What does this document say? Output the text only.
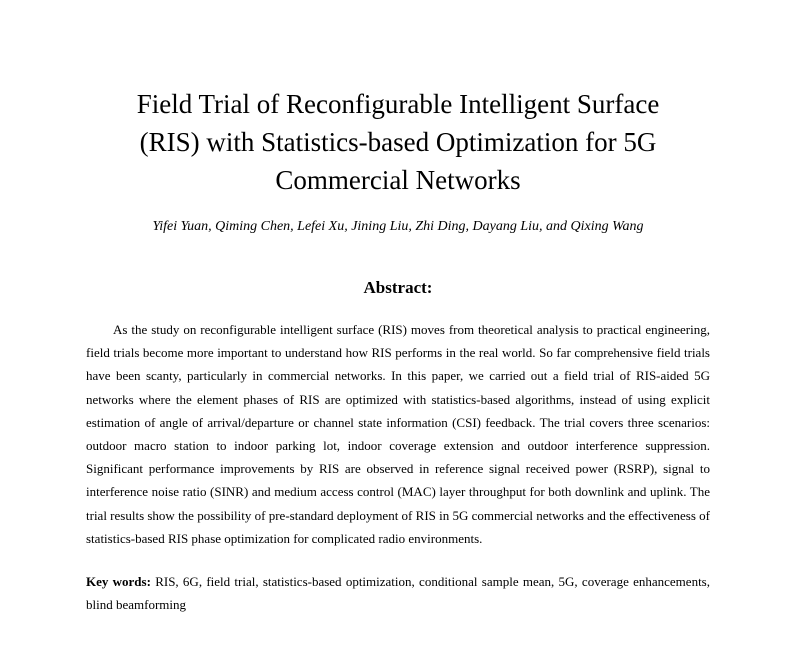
Field Trial of Reconfigurable Intelligent Surface
(RIS) with Statistics-based Optimization for 5G
Commercial Networks
Yifei Yuan, Qiming Chen, Lefei Xu, Jining Liu, Zhi Ding, Dayang Liu, and Qixing Wang
Abstract:

As the study on reconfigurable intelligent surface (RIS) moves from theoretical analysis to practical engineering, field trials become more important to understand how RIS performs in the real world. So far comprehensive field trials have been scanty, particularly in commercial networks. In this paper, we carried out a field trial of RIS-aided 5G networks where the element phases of RIS are optimized with statistics-based algorithms, instead of using explicit estimation of angle of arrival/departure or channel state information (CSI) feedback. The trial covers three scenarios: outdoor macro station to indoor parking lot, indoor coverage extension and outdoor interference suppression. Significant performance improvements by RIS are observed in reference signal received power (RSRP), signal to interference noise ratio (SINR) and medium access control (MAC) layer throughput for both downlink and uplink. The trial results show the possibility of pre-standard deployment of RIS in 5G commercial networks and the effectiveness of statistics-based RIS phase optimization for complicated radio environments.

Key words: RIS, 6G, field trial, statistics-based optimization, conditional sample mean, 5G, coverage enhancements, blind beamforming
